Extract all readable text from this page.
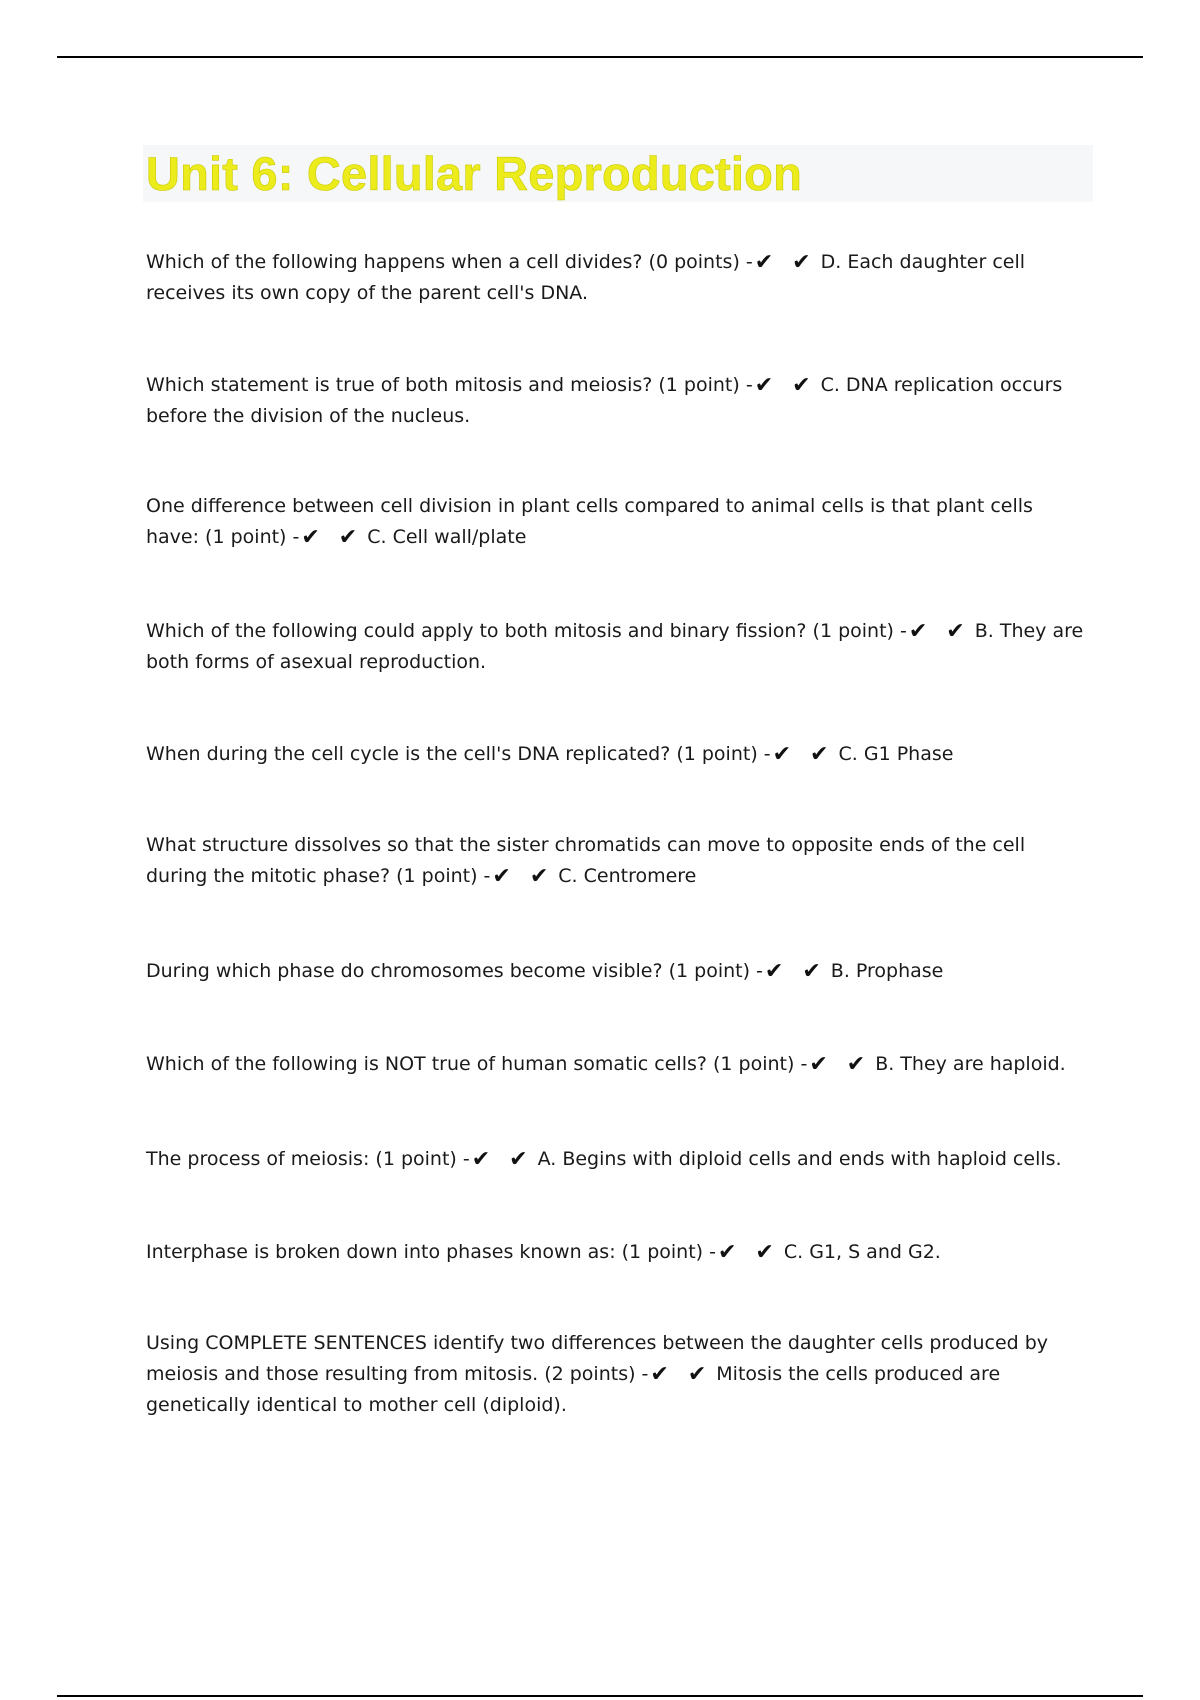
Unit 6: Cellular Reproduction

Which of the following happens when a cell divides? (0 points) -✔ ✔ D. Each daughter cell receives its own copy of the parent cell's DNA.

Which statement is true of both mitosis and meiosis? (1 point) -✔ ✔ C. DNA replication occurs before the division of the nucleus.

One difference between cell division in plant cells compared to animal cells is that plant cells have: (1 point) -✔ ✔ C. Cell wall/plate

Which of the following could apply to both mitosis and binary fission? (1 point) -✔ ✔ B. They are both forms of asexual reproduction.

When during the cell cycle is the cell's DNA replicated? (1 point) -✔ ✔ C. G1 Phase

What structure dissolves so that the sister chromatids can move to opposite ends of the cell during the mitotic phase? (1 point) -✔ ✔ C. Centromere

During which phase do chromosomes become visible? (1 point) -✔ ✔ B. Prophase

Which of the following is NOT true of human somatic cells? (1 point) -✔ ✔ B. They are haploid.

The process of meiosis: (1 point) -✔ ✔ A. Begins with diploid cells and ends with haploid cells.

Interphase is broken down into phases known as: (1 point) -✔ ✔ C. G1, S and G2.

Using COMPLETE SENTENCES identify two differences between the daughter cells produced by meiosis and those resulting from mitosis. (2 points) -✔ ✔ Mitosis the cells produced are genetically identical to mother cell (diploid).
